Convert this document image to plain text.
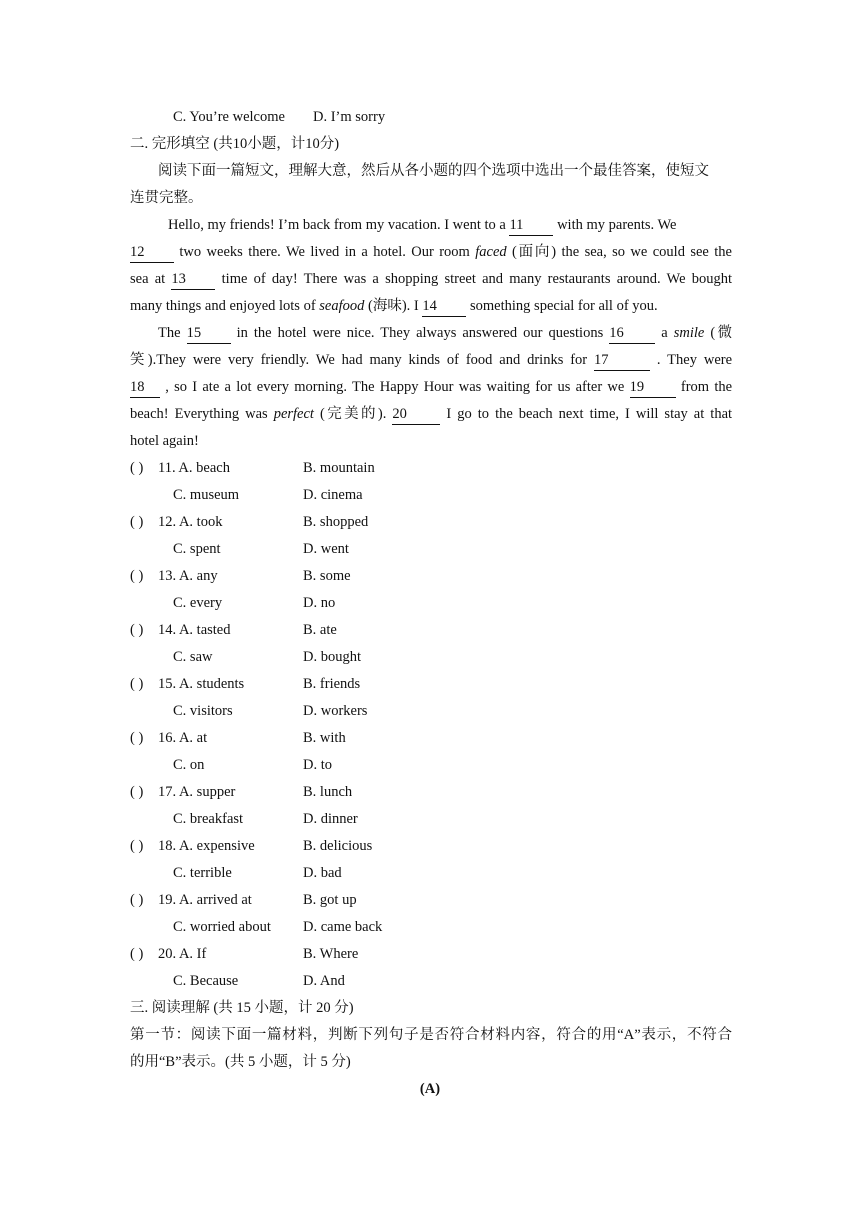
C. You’re welcome D. I’m sorry
二. 完形填空 (共10小题，计10分)
阅读下面一篇短文，理解大意，然后从各小题的四个选项中选出一个最佳答案，使短文
连贯完整。
Hello, my friends! I’m back from my vacation. I went to a 11 with my parents. We
12 two weeks there. We lived in a hotel. Our room faced (面向) the sea, so we could see the
sea at 13 time of day! There was a shopping street and many restaurants around. We bought
many things and enjoyed lots of seafood (海味). I 14 something special for all of you.
The 15 in the hotel were nice. They always answered our questions 16	a smile (微
笑).They were very friendly. We had many kinds of food and drinks for 17	. They were
18 , so I ate a lot every morning. The Happy Hour was waiting for us after we 19	from the
beach! Everything was perfect (完美的). 20	I go to the beach next time, I will stay at that
hotel again!
( ) 11. A. beach	B. mountain
C. museum	D. cinema
( ) 12. A. took	B. shopped
C. spent	D. went
( ) 13. A. any	B. some
C. every	D. no
( ) 14. A. tasted	B. ate
C. saw	D. bought
( ) 15. A. students	B. friends
C. visitors	D. workers
( ) 16. A. at	B. with
C. on	D. to
( ) 17. A. supper	B. lunch
C. breakfast	D. dinner
( ) 18. A. expensive	B. delicious
C. terrible	D. bad
( ) 19. A. arrived at	B. got up
C. worried about D. came back
( ) 20. A. If	B. Where
C. Because	D. And
三. 阅读理解 (共 15 小题，计 20 分)
第一节：阅读下面一篇材料，判断下列句子是否符合材料内容，符合的用“A”表示，不符合
的用“B”表示。(共 5 小题，计 5 分)
(A)
